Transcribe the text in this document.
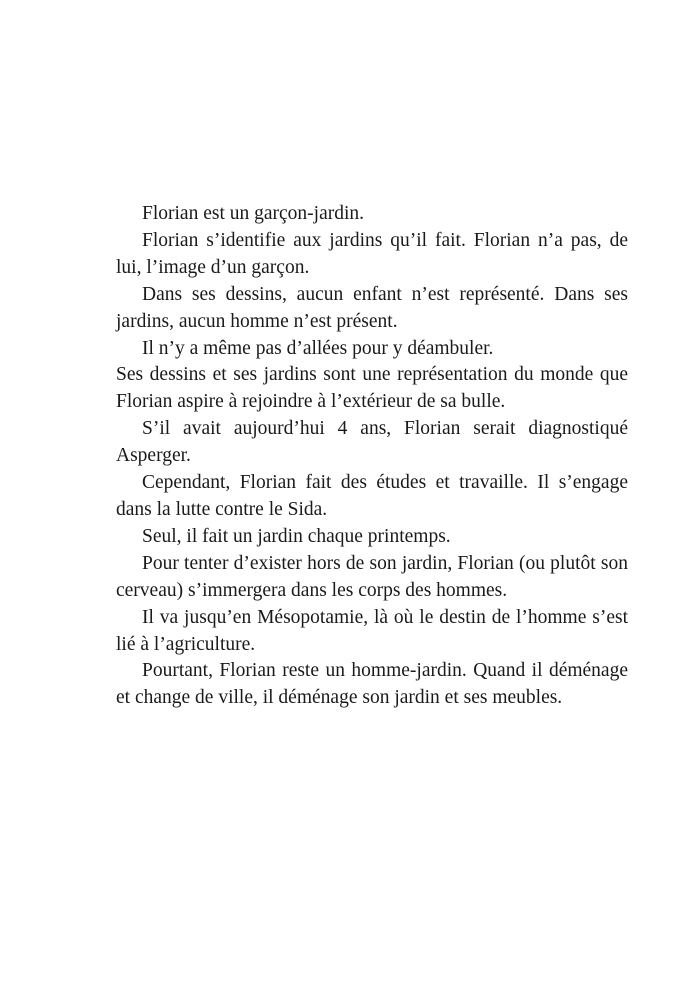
Florian est un garçon-jardin.

Florian s’identifie aux jardins qu’il fait. Florian n’a pas, de lui, l’image d’un garçon.

Dans ses dessins, aucun enfant n’est représenté. Dans ses jardins, aucun homme n’est présent.

Il n’y a même pas d’allées pour y déambuler.

Ses dessins et ses jardins sont une représentation du monde que Florian aspire à rejoindre à l’extérieur de sa bulle.

S’il avait aujourd’hui 4 ans, Florian serait diagnostiqué Asperger.

Cependant, Florian fait des études et travaille. Il s’engage dans la lutte contre le Sida.

Seul, il fait un jardin chaque printemps.

Pour tenter d’exister hors de son jardin, Florian (ou plutôt son cerveau) s’immergera dans les corps des hommes.

Il va jusqu’en Mésopotamie, là où le destin de l’homme s’est lié à l’agriculture.

Pourtant, Florian reste un homme-jardin. Quand il déménage et change de ville, il déménage son jardin et ses meubles.
